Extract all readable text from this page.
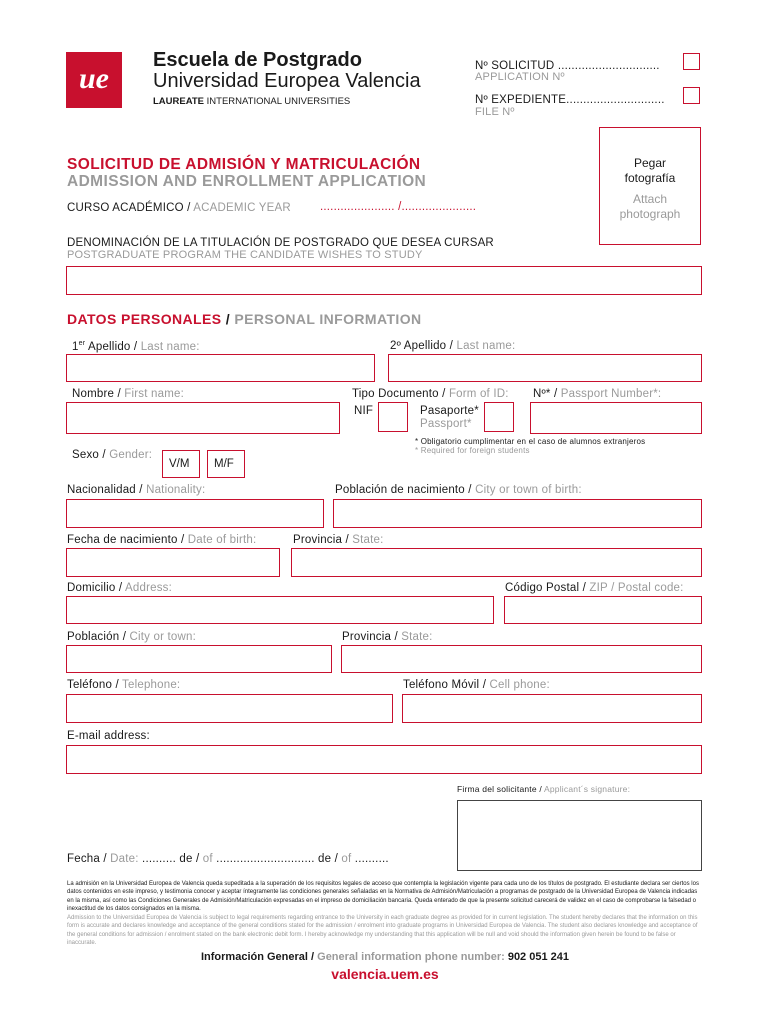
ue
Escuela de Postgrado
Universidad Europea Valencia
LAUREATE INTERNATIONAL UNIVERSITIES
Nº SOLICITUD ..............................
APPLICATION Nº
Nº EXPEDIENTE.............................
FILE Nº
SOLICITUD DE ADMISIÓN Y MATRICULACIÓN
ADMISSION AND ENROLLMENT APPLICATION
Pegar
fotografía
Attach
photograph
CURSO ACADÉMICO / ACADEMIC YEAR	...................... /......................
DENOMINACIÓN DE LA TITULACIÓN DE POSTGRADO QUE DESEA CURSAR
POSTGRADUATE PROGRAM THE CANDIDATE WISHES TO STUDY
DATOS PERSONALES / PERSONAL INFORMATION
1er Apellido / Last name:	2º Apellido / Last name:
Nombre / First name:	Tipo Documento / Form of ID: Nº* / Passport Number*:
NIF	Pasaporte*
Passport*
* Obligatorio cumplimentar en el caso de alumnos extranjeros
* Required for foreign students
Sexo / Gender:
V/M M/F
Nacionalidad / Nationality:	Población de nacimiento / City or town of birth:
Fecha de nacimiento / Date of birth:	Provincia / State:
Domicilio / Address:	Código Postal / ZIP / Postal code:
Población / City or town:	Provincia / State:
Teléfono / Telephone:	Teléfono Móvil / Cell phone:
E-mail address:
Firma del solicitante / Applicant´s signature:
Fecha / Date: .......... de / of ............................. de / of ..........
La admisión en la Universidad Europea de Valencia queda supeditada a la superación de los requisitos legales de acceso que contempla la legislación vigente para cada uno de los títulos de postgrado. El estudiante declara ser ciertos los datos contenidos en este impreso, y testimonia conocer y aceptar íntegramente las condiciones generales señaladas en la Normativa de Admisión/Matriculación a programas de postgrado de la Universidad Europea de Valencia indicadas en la misma, así como las Condiciones Generales de Admisión/Matriculación expresadas en el impreso de domiciliación bancaria. Queda enterado de que la presente solicitud carecerá de validez en el caso de comprobarse la falsedad o inexactitud de los datos consignados en la misma.
Admission to the Universidad Europea de Valencia is subject to legal requirements regarding entrance to the University in each graduate degree as provided for in current legislation. The student hereby declares that the information on this form is accurate and declares knowledge and acceptance of the general conditions stated for the admission / enrolment into graduate programs in Universidad Europea de Valencia. The student also declares knowledge and acceptance of the general conditions for admission / enrolment stated on the bank electronic debit form. I hereby acknowledge my understanding that this application will be null and void should the information given herein be found to be false or inaccurate.
Información General / General information phone number: 902 051 241
valencia.uem.es
